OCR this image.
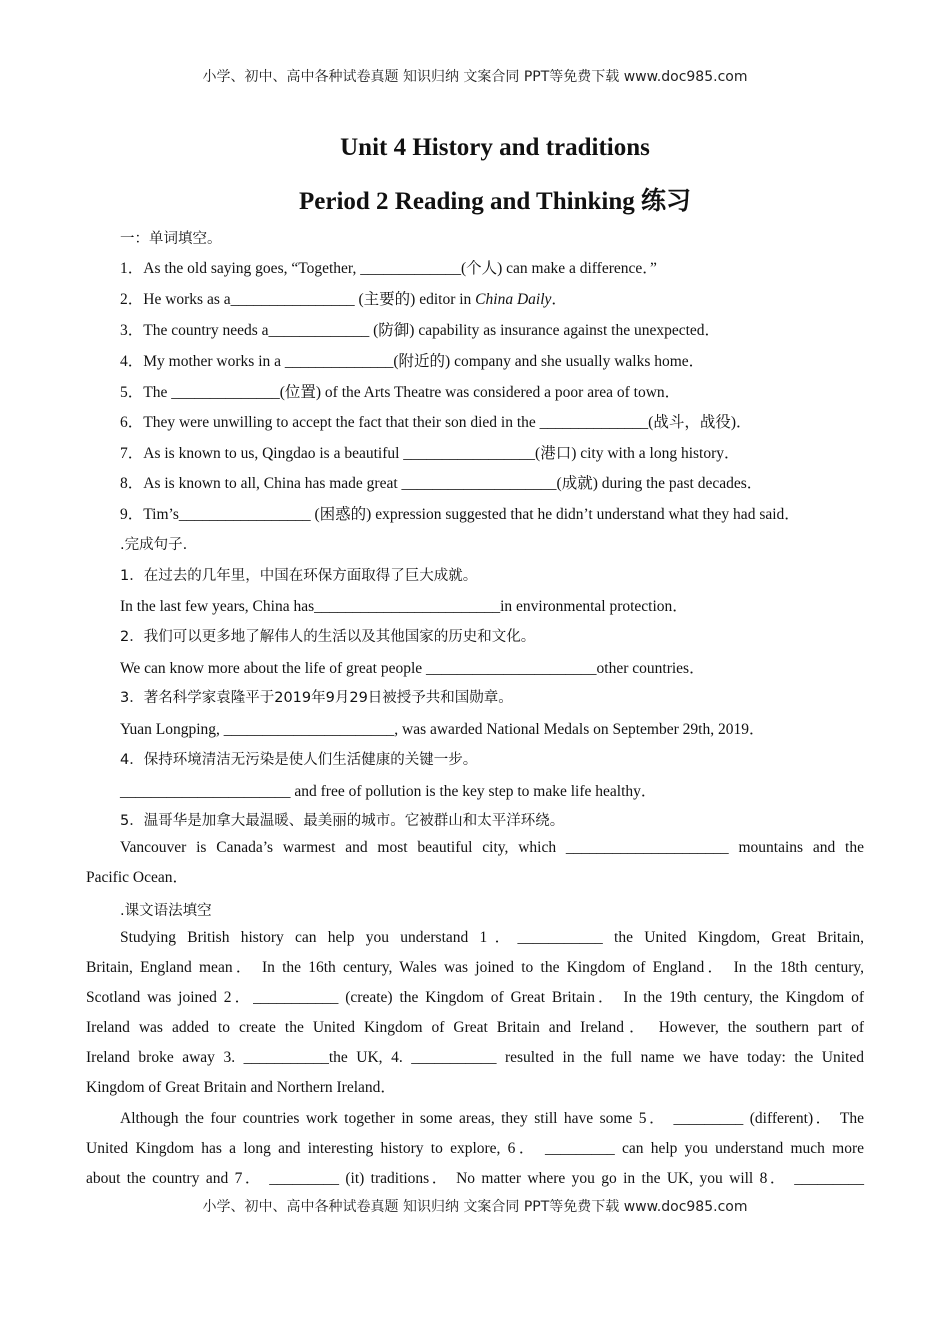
小学、初中、高中各种试卷真题 知识归纳 文案合同 PPT等免费下载 www.doc985.com
Unit 4 History and traditions
Period 2 Reading and Thinking 练习
一：单词填空。
1．As the old saying goes, “Together, _____________(个人) can make a difference．”
2．He works as a________________ (主要的) editor in China Daily．
3．The country needs a_____________ (防御) capability as insurance against the unexpected．
4．My mother works in a ______________(附近的) company and she usually walks home．
5．The ______________(位置) of the Arts Theatre was considered a poor area of town．
6．They were unwilling to accept the fact that their son died in the ______________(战斗，战役)．
7．As is known to us, Qingdao is a beautiful _________________(港口) city with a long history．
8．As is known to all, China has made great ____________________(成就) during the past decades．
9．Tim’s_________________ (困惑的) expression suggested that he didn’t understand what they had said．
.完成句子.
1．在过去的几年里，中国在环保方面取得了巨大成就。
In the last few years, China has________________________in environmental protection．
2．我们可以更多地了解伟人的生活以及其他国家的历史和文化。
We can know more about the life of great people ______________________other countries．
3．著名科学家袁隆平于2019年9月29日被授予共和国勋章。
Yuan Longping, ______________________, was awarded National Medals on September 29th, 2019．
4．保持环境清洁无污染是使人们生活健康的关键一步。
______________________ and free of pollution is the key step to make life healthy．
5．温哥华是加拿大最温暖、最美丽的城市。它被群山和太平洋环绕。
Vancouver is Canada’s warmest and most beautiful city, which _____________________ mountains and the
Pacific Ocean．
.课文语法填空
Studying British history can help you understand 1．___________ the United Kingdom, Great Britain,
Britain, England mean． In the 16th century, Wales was joined to the Kingdom of England． In the 18th century,
Scotland was joined 2．___________ (create) the Kingdom of Great Britain． In the 19th century, the Kingdom of
Ireland was added to create the United Kingdom of Great Britain and Ireland． However, the southern part of
Ireland broke away 3. ___________the UK, 4. ___________ resulted in the full name we have today: the United
Kingdom of Great Britain and Northern Ireland．
Although the four countries work together in some areas, they still have some 5． _________ (different)． The
United Kingdom has a long and interesting history to explore, 6． _________ can help you understand much more
about the country and 7． _________ (it) traditions． No matter where you go in the UK, you will 8． _________
小学、初中、高中各种试卷真题 知识归纳 文案合同 PPT等免费下载 www.doc985.com
